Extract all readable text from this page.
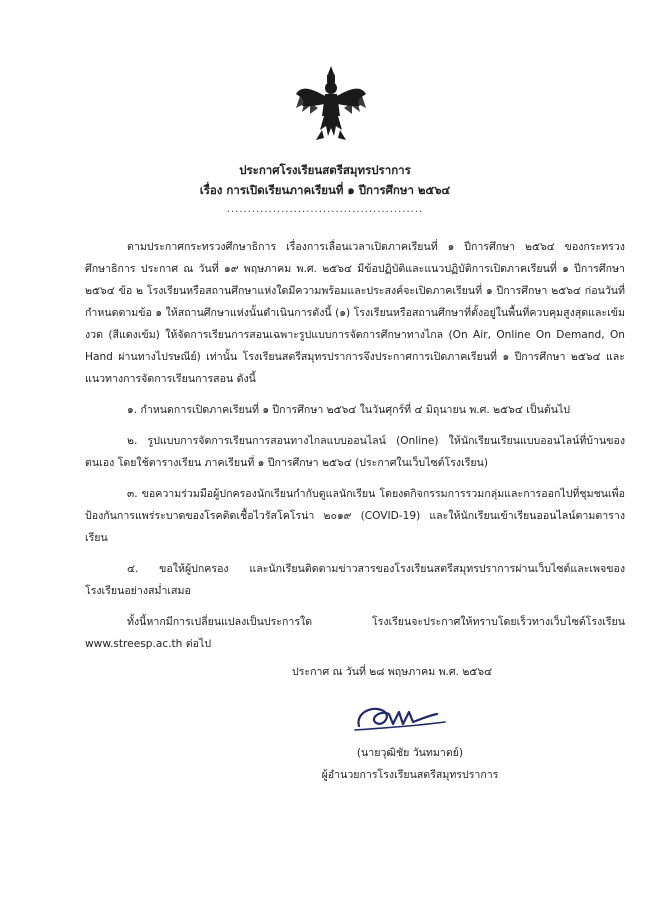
ประกาศโรงเรียนสตรีสมุทรปราการ
เรื่อง การเปิดเรียนภาคเรียนที่ ๑ ปีการศึกษา ๒๕๖๔
...............................................

ตามประกาศกระทรวงศึกษาธิการ เรื่องการเลื่อนเวลาเปิดภาคเรียนที่ ๑ ปีการศึกษา ๒๕๖๔ ของกระทรวงศึกษาธิการ ประกาศ ณ วันที่ ๑๙ พฤษภาคม พ.ศ. ๒๕๖๔ มีข้อปฏิบัติและแนวปฏิบัติการเปิดภาคเรียนที่ ๑ ปีการศึกษา ๒๕๖๔ ข้อ ๒ โรงเรียนหรือสถานศึกษาแห่งใดมีความพร้อมและประสงค์จะเปิดภาคเรียนที่ ๑ ปีการศึกษา ๒๕๖๔ ก่อนวันที่กำหนดตามข้อ ๑ ให้สถานศึกษาแห่งนั้นดำเนินการดังนี้ (๑) โรงเรียนหรือสถานศึกษาที่ตั้งอยู่ในพื้นที่ควบคุมสูงสุดและเข้มงวด (สีแดงเข้ม) ให้จัดการเรียนการสอนเฉพาะรูปแบบการจัดการศึกษาทางไกล (On Air, Online On Demand, On Hand ผ่านทางไปรษณีย์) เท่านั้น โรงเรียนสตรีสมุทรปราการจึงประกาศการเปิดภาคเรียนที่ ๑ ปีการศึกษา ๒๕๖๔ และแนวทางการจัดการเรียนการสอน ดังนี้

๑. กำหนดการเปิดภาคเรียนที่ ๑ ปีการศึกษา ๒๕๖๔ ในวันศุกร์ที่ ๔ มิถุนายน พ.ศ. ๒๕๖๔ เป็นต้นไป

๒. รูปแบบการจัดการเรียนการสอนทางไกลแบบออนไลน์ (Online) ให้นักเรียนเรียนแบบออนไลน์ที่บ้านของตนเอง โดยใช้ตารางเรียน ภาคเรียนที่ ๑ ปีการศึกษา ๒๕๖๔ (ประกาศในเว็บไซต์โรงเรียน)

๓. ขอความร่วมมือผู้ปกครองนักเรียนกำกับดูแลนักเรียน โดยงดกิจกรรมการรวมกลุ่มและการออกไปที่ชุมชนเพื่อป้องกันการแพร่ระบาดของโรคติดเชื้อไวรัสโคโรน่า ๒๐๑๙ (COVID-19) และให้นักเรียนเข้าเรียนออนไลน์ตามตารางเรียน

๔. ขอให้ผู้ปกครอง และนักเรียนติดตามข่าวสารของโรงเรียนสตรีสมุทรปราการผ่านเว็บไซต์และเพจของโรงเรียนอย่างสม่ำเสมอ

ทั้งนี้หากมีการเปลี่ยนแปลงเป็นประการใด โรงเรียนจะประกาศให้ทราบโดยเร็วทางเว็บไซต์โรงเรียน www.streesp.ac.th ต่อไป

ประกาศ ณ วันที่ ๒๘ พฤษภาคม พ.ศ. ๒๕๖๔
(นายวุฒิชัย วันทมาตย์)
ผู้อำนวยการโรงเรียนสตรีสมุทรปราการ
